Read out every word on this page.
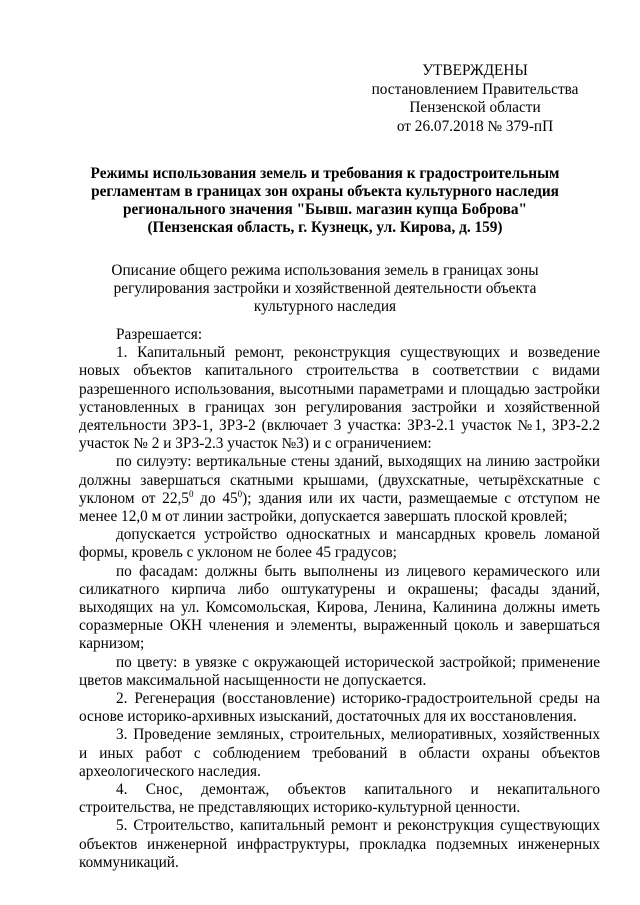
УТВЕРЖДЕНЫ
постановлением Правительства
Пензенской области
от 26.07.2018 № 379-пП
Режимы использования земель и требования к градостроительным
регламентам в границах зон охраны объекта культурного наследия
регионального значения "Бывш. магазин купца Боброва"
(Пензенская область, г. Кузнецк, ул. Кирова, д. 159)
Описание общего режима использования земель в границах зоны
регулирования застройки и хозяйственной деятельности объекта
культурного наследия

Разрешается:

1. Капитальный ремонт, реконструкция существующих и возведение новых объектов капитального строительства в соответствии с видами разрешенного использования, высотными параметрами и площадью застройки установленных в границах зон регулирования застройки и хозяйственной деятельности ЗРЗ-1, ЗРЗ-2 (включает 3 участка: ЗРЗ-2.1 участок №1, ЗРЗ-2.2 участок № 2 и ЗРЗ-2.3 участок №3) и с ограничением:

по силуэту: вертикальные стены зданий, выходящих на линию застройки должны завершаться скатными крышами, (двухскатные, четырёхскатные с уклоном от 22,5$^0$ до $45^0$); здания или их части, размещаемые с отступом не менее 12,0 м от линии застройки, допускается завершать плоской кровлей;

допускается устройство односкатных и мансардных кровель ломаной формы, кровель с уклоном не более 45 градусов;

по фасадам: должны быть выполнены из лицевого керамического или силикатного кирпича либо оштукатурены и окрашены; фасады зданий, выходящих на ул. Комсомольская, Кирова, Ленина, Калинина должны иметь соразмерные ОКН членения и элементы, выраженный цоколь и завершаться карнизом;

по цвету: в увязке с окружающей исторической застройкой; применение цветов максимальной насыщенности не допускается.

2. Регенерация (восстановление) историко-градостроительной среды на основе историко-архивных изысканий, достаточных для их восстановления.

3. Проведение земляных, строительных, мелиоративных, хозяйственных и иных работ с соблюдением требований в области охраны объектов археологического наследия.

4. Снос, демонтаж, объектов капитального и некапитального строительства, не представляющих историко-культурной ценности.

5. Строительство, капитальный ремонт и реконструкция существующих объектов инженерной инфраструктуры, прокладка подземных инженерных коммуникаций.
